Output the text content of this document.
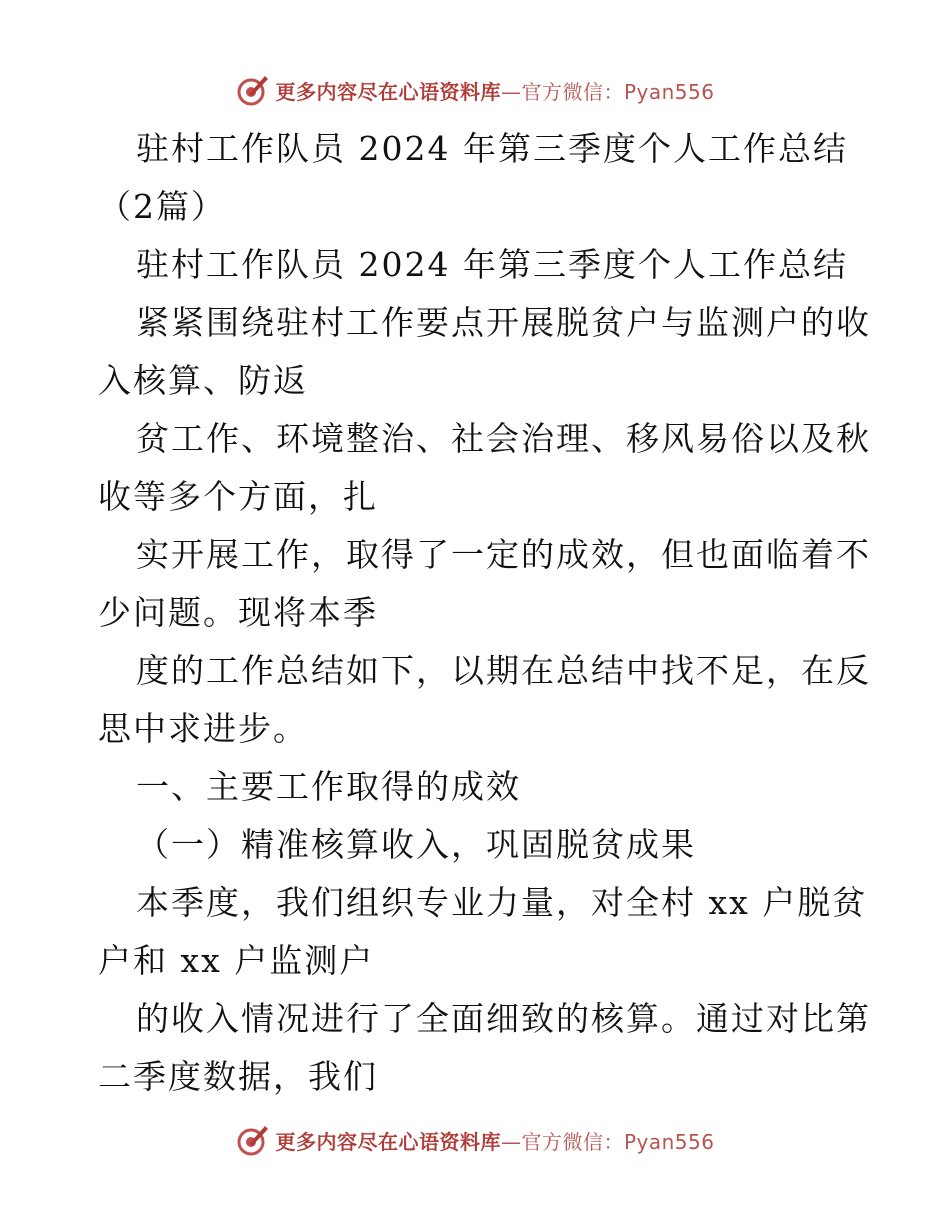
更多内容尽在心语资料库—官方微信：Pyan556
驻村工作队员 2024 年第三季度个人工作总结
（2篇）
驻村工作队员 2024 年第三季度个人工作总结
紧紧围绕驻村工作要点开展脱贫户与监测户的收
入核算、防返
贫工作、环境整治、社会治理、移风易俗以及秋
收等多个方面，扎
实开展工作，取得了一定的成效，但也面临着不
少问题。现将本季
度的工作总结如下，以期在总结中找不足，在反
思中求进步。
一、主要工作取得的成效
（一）精准核算收入，巩固脱贫成果
本季度，我们组织专业力量，对全村 xx 户脱贫
户和 xx 户监测户
的收入情况进行了全面细致的核算。通过对比第
二季度数据，我们
更多内容尽在心语资料库—官方微信：Pyan556
